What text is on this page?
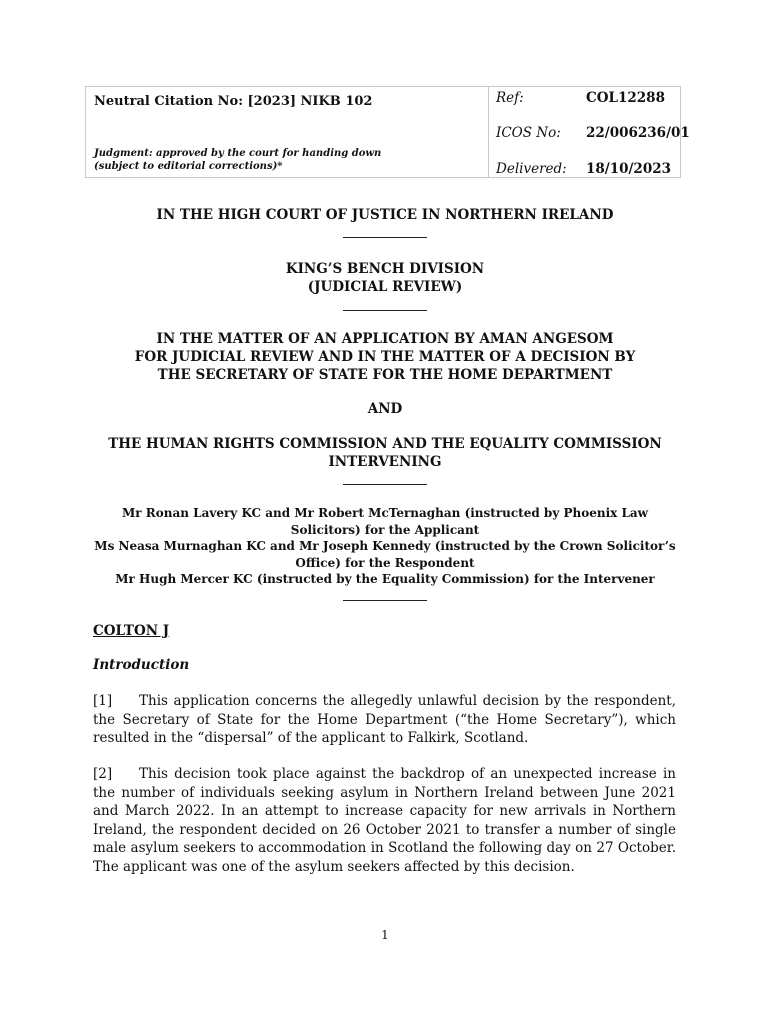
Neutral Citation No: [2023] NIKB 102
Judgment: approved by the court for handing down
(subject to editorial corrections)*
Ref:	COL12288
ICOS No: 22/006236/01
Delivered: 18/10/2023
IN THE HIGH COURT OF JUSTICE IN NORTHERN IRELAND
KING’S BENCH DIVISION
(JUDICIAL REVIEW)
IN THE MATTER OF AN APPLICATION BY AMAN ANGESOM
FOR JUDICIAL REVIEW AND IN THE MATTER OF A DECISION BY
THE SECRETARY OF STATE FOR THE HOME DEPARTMENT
AND
THE HUMAN RIGHTS COMMISSION AND THE EQUALITY COMMISSION
INTERVENING
Mr Ronan Lavery KC and Mr Robert McTernaghan (instructed by Phoenix Law
Solicitors) for the Applicant
Ms Neasa Murnaghan KC and Mr Joseph Kennedy (instructed by the Crown Solicitor’s
Office) for the Respondent
Mr Hugh Mercer KC (instructed by the Equality Commission) for the Intervener
COLTON J
Introduction
[1] This application concerns the allegedly unlawful decision by the respondent, the Secretary of State for the Home Department (“the Home Secretary”), which resulted in the “dispersal” of the applicant to Falkirk, Scotland.
[2] This decision took place against the backdrop of an unexpected increase in the number of individuals seeking asylum in Northern Ireland between June 2021 and March 2022. In an attempt to increase capacity for new arrivals in Northern Ireland, the respondent decided on 26 October 2021 to transfer a number of single male asylum seekers to accommodation in Scotland the following day on 27 October. The applicant was one of the asylum seekers affected by this decision.
1
